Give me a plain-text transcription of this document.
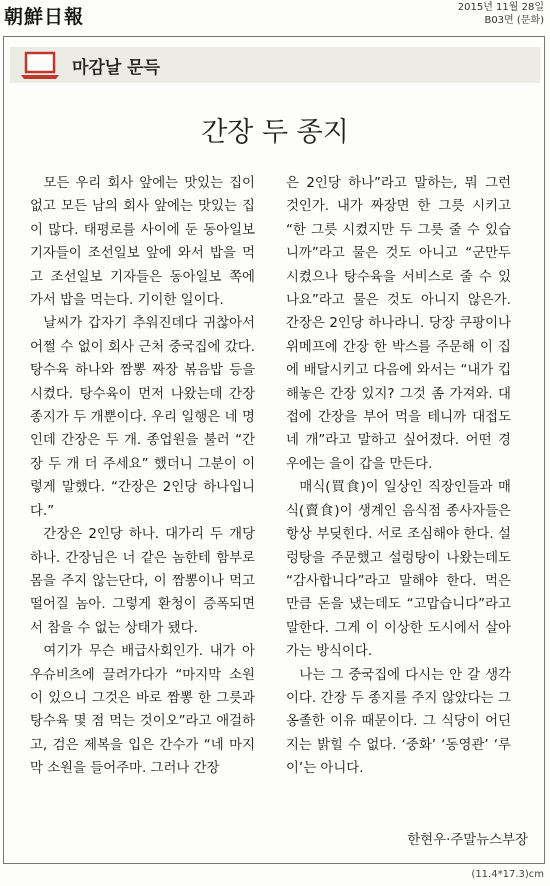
朝鮮日報	2015년 11월 28일
B03면 (문화)
마감날 문득
간장 두 종지

모든 우리 회사 앞에는 맛있는 집이 없고 모든 남의 회사 앞에는 맛있는 집이 많다. 태평로를 사이에 둔 동아일보 기자들이 조선일보 앞에 와서 밥을 먹고 조선일보 기자들은 동아일보 쪽에 가서 밥을 먹는다. 기이한 일이다.

날씨가 갑자기 추워진데다 귀찮아서 어쩔 수 없이 회사 근처 중국집에 갔다. 탕수육 하나와 짬뽕 짜장 볶음밥 등을 시켰다. 탕수육이 먼저 나왔는데 간장 종지가 두 개뿐이다. 우리 일행은 네 명인데 간장은 두 개. 종업원을 불러 “간장 두 개 더 주세요” 했더니 그분이 이렇게 말했다. “간장은 2인당 하나입니다.”

간장은 2인당 하나. 대가리 두 개당 하나. 간장님은 너 같은 놈한테 함부로 몸을 주지 않는단다, 이 짬뽕이나 먹고 떨어질 놈아. 그렇게 환청이 증폭되면서 참을 수 없는 상태가 됐다.

여기가 무슨 배급사회인가. 내가 아우슈비츠에 끌려가다가 “마지막 소원이 있으니 그것은 바로 짬뽕 한 그릇과 탕수육 몇 점 먹는 것이오”라고 애걸하고, 검은 제복을 입은 간수가 “네 마지막 소원을 들어주마. 그러나 간장

은 2인당 하나”라고 말하는, 뭐 그런 것인가. 내가 짜장면 한 그릇 시키고 “한 그릇 시켰지만 두 그릇 줄 수 있습니까”라고 물은 것도 아니고 “군만두 시켰으나 탕수육을 서비스로 줄 수 있나요”라고 물은 것도 아니지 않은가. 간장은 2인당 하나라니. 당장 쿠팡이나 위메프에 간장 한 박스를 주문해 이 집에 배달시키고 다음에 와서는 “내가 킵해놓은 간장 있지? 그것 좀 가져와. 대접에 간장을 부어 먹을 테니까 대접도 네 개”라고 말하고 싶어졌다. 어떤 경우에는 을이 갑을 만든다.

매식(買食)이 일상인 직장인들과 매식(賣食)이 생계인 음식점 종사자들은 항상 부딪힌다. 서로 조심해야 한다. 설렁탕을 주문했고 설렁탕이 나왔는데도 “감사합니다”라고 말해야 한다. 먹은 만큼 돈을 냈는데도 “고맙습니다”라고 말한다. 그게 이 이상한 도시에서 살아가는 방식이다.

나는 그 중국집에 다시는 안 갈 생각이다. 간장 두 종지를 주지 않았다는 그 옹졸한 이유 때문이다. 그 식당이 어딘지는 밝힐 수 없다. ‘중화’ ‘동영관’ ‘루이’는 아니다.

한현우·주말뉴스부장
(11.4*17.3)cm
